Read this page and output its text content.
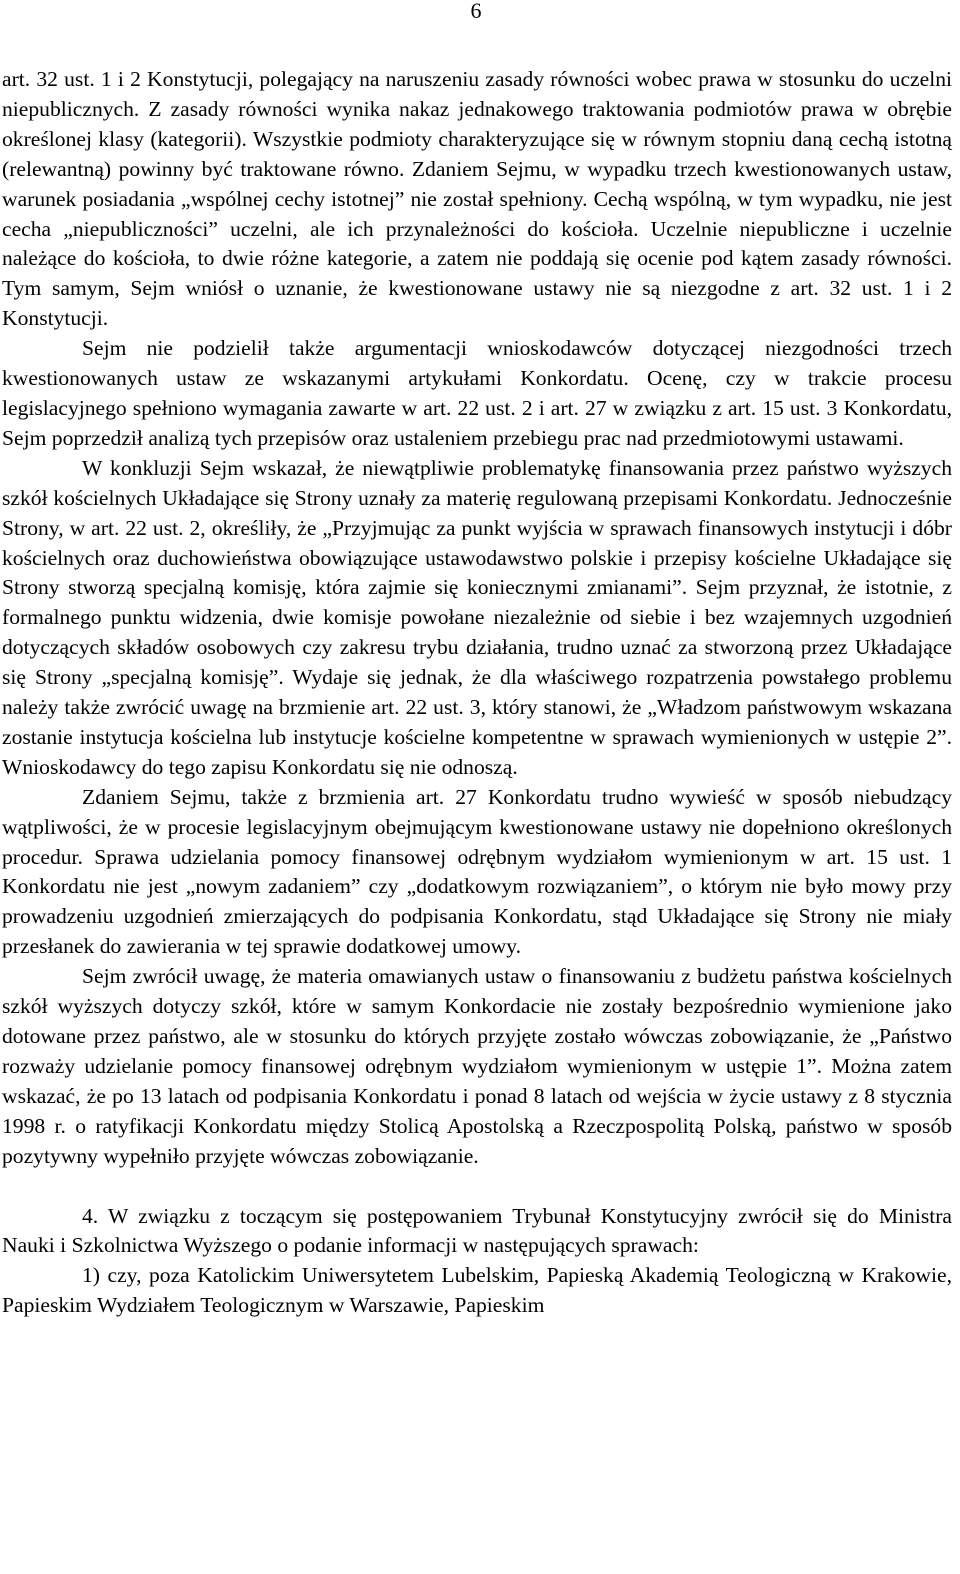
6

art. 32 ust. 1 i 2 Konstytucji, polegający na naruszeniu zasady równości wobec prawa w stosunku do uczelni niepublicznych. Z zasady równości wynika nakaz jednakowego traktowania podmiotów prawa w obrębie określonej klasy (kategorii). Wszystkie podmioty charakteryzujące się w równym stopniu daną cechą istotną (relewantną) powinny być traktowane równo. Zdaniem Sejmu, w wypadku trzech kwestionowanych ustaw, warunek posiadania „wspólnej cechy istotnej” nie został spełniony. Cechą wspólną, w tym wypadku, nie jest cecha „niepubliczności” uczelni, ale ich przynależności do kościoła. Uczelnie niepubliczne i uczelnie należące do kościoła, to dwie różne kategorie, a zatem nie poddają się ocenie pod kątem zasady równości. Tym samym, Sejm wniósł o uznanie, że kwestionowane ustawy nie są niezgodne z art. 32 ust. 1 i 2 Konstytucji.

Sejm nie podzielił także argumentacji wnioskodawców dotyczącej niezgodności trzech kwestionowanych ustaw ze wskazanymi artykułami Konkordatu. Ocenę, czy w trakcie procesu legislacyjnego spełniono wymagania zawarte w art. 22 ust. 2 i art. 27 w związku z art. 15 ust. 3 Konkordatu, Sejm poprzedził analizą tych przepisów oraz ustaleniem przebiegu prac nad przedmiotowymi ustawami.

W konkluzji Sejm wskazał, że niewątpliwie problematykę finansowania przez państwo wyższych szkół kościelnych Układające się Strony uznały za materię regulowaną przepisami Konkordatu. Jednocześnie Strony, w art. 22 ust. 2, określiły, że „Przyjmując za punkt wyjścia w sprawach finansowych instytucji i dóbr kościelnych oraz duchowieństwa obowiązujące ustawodawstwo polskie i przepisy kościelne Układające się Strony stworzą specjalną komisję, która zajmie się koniecznymi zmianami”. Sejm przyznał, że istotnie, z formalnego punktu widzenia, dwie komisje powołane niezależnie od siebie i bez wzajemnych uzgodnień dotyczących składów osobowych czy zakresu trybu działania, trudno uznać za stworzoną przez Układające się Strony „specjalną komisję”. Wydaje się jednak, że dla właściwego rozpatrzenia powstałego problemu należy także zwrócić uwagę na brzmienie art. 22 ust. 3, który stanowi, że „Władzom państwowym wskazana zostanie instytucja kościelna lub instytucje kościelne kompetentne w sprawach wymienionych w ustępie 2”. Wnioskodawcy do tego zapisu Konkordatu się nie odnoszą.

Zdaniem Sejmu, także z brzmienia art. 27 Konkordatu trudno wywieść w sposób niebudzący wątpliwości, że w procesie legislacyjnym obejmującym kwestionowane ustawy nie dopełniono określonych procedur. Sprawa udzielania pomocy finansowej odrębnym wydziałom wymienionym w art. 15 ust. 1 Konkordatu nie jest „nowym zadaniem” czy „dodatkowym rozwiązaniem”, o którym nie było mowy przy prowadzeniu uzgodnień zmierzających do podpisania Konkordatu, stąd Układające się Strony nie miały przesłanek do zawierania w tej sprawie dodatkowej umowy.

Sejm zwrócił uwagę, że materia omawianych ustaw o finansowaniu z budżetu państwa kościelnych szkół wyższych dotyczy szkół, które w samym Konkordacie nie zostały bezpośrednio wymienione jako dotowane przez państwo, ale w stosunku do których przyjęte zostało wówczas zobowiązanie, że „Państwo rozważy udzielanie pomocy finansowej odrębnym wydziałom wymienionym w ustępie 1”. Można zatem wskazać, że po 13 latach od podpisania Konkordatu i ponad 8 latach od wejścia w życie ustawy z 8 stycznia 1998 r. o ratyfikacji Konkordatu między Stolicą Apostolską a Rzeczpospolitą Polską, państwo w sposób pozytywny wypełniło przyjęte wówczas zobowiązanie.

4. W związku z toczącym się postępowaniem Trybunał Konstytucyjny zwrócił się do Ministra Nauki i Szkolnictwa Wyższego o podanie informacji w następujących sprawach:

1) czy, poza Katolickim Uniwersytetem Lubelskim, Papieską Akademią Teologiczną w Krakowie, Papieskim Wydziałem Teologicznym w Warszawie, Papieskim
